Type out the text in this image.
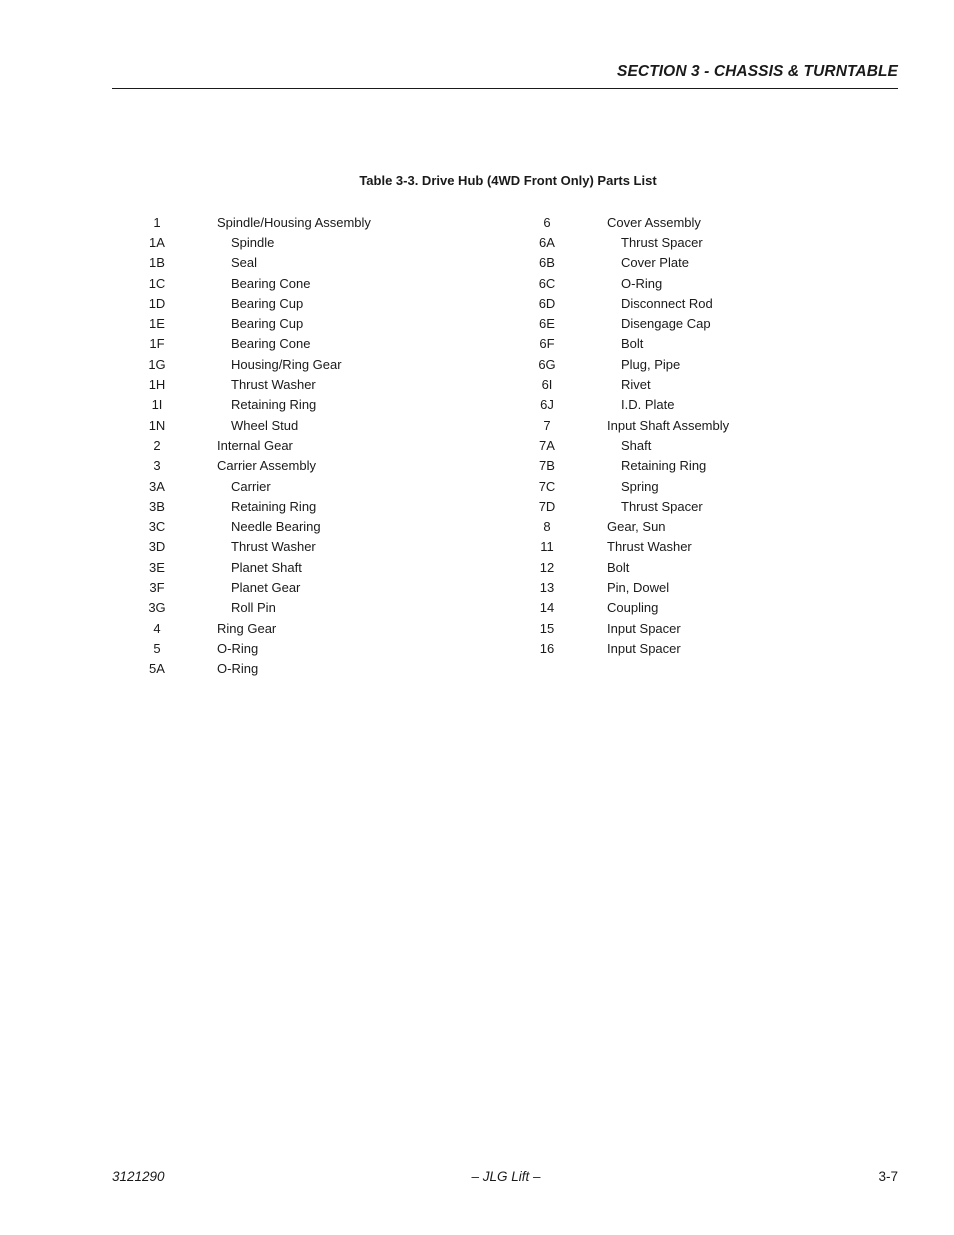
SECTION 3 - CHASSIS & TURNTABLE
Table 3-3. Drive Hub (4WD Front Only) Parts List
1	Spindle/Housing Assembly
1A	Spindle
1B	Seal
1C	Bearing Cone
1D	Bearing Cup
1E	Bearing Cup
1F	Bearing Cone
1G	Housing/Ring Gear
1H	Thrust Washer
1I	Retaining Ring
1N	Wheel Stud
2	Internal Gear
3	Carrier Assembly
3A	Carrier
3B	Retaining Ring
3C	Needle Bearing
3D	Thrust Washer
3E	Planet Shaft
3F	Planet Gear
3G	Roll Pin
4	Ring Gear
5	O-Ring
5A	O-Ring
6	Cover Assembly
6A	Thrust Spacer
6B	Cover Plate
6C	O-Ring
6D	Disconnect Rod
6E	Disengage Cap
6F	Bolt
6G	Plug, Pipe
6I	Rivet
6J	I.D. Plate
7	Input Shaft Assembly
7A	Shaft
7B	Retaining Ring
7C	Spring
7D	Thrust Spacer
8	Gear, Sun
11	Thrust Washer
12	Bolt
13	Pin, Dowel
14	Coupling
15	Input Spacer
16	Input Spacer
3121290	– JLG Lift –	3-7
